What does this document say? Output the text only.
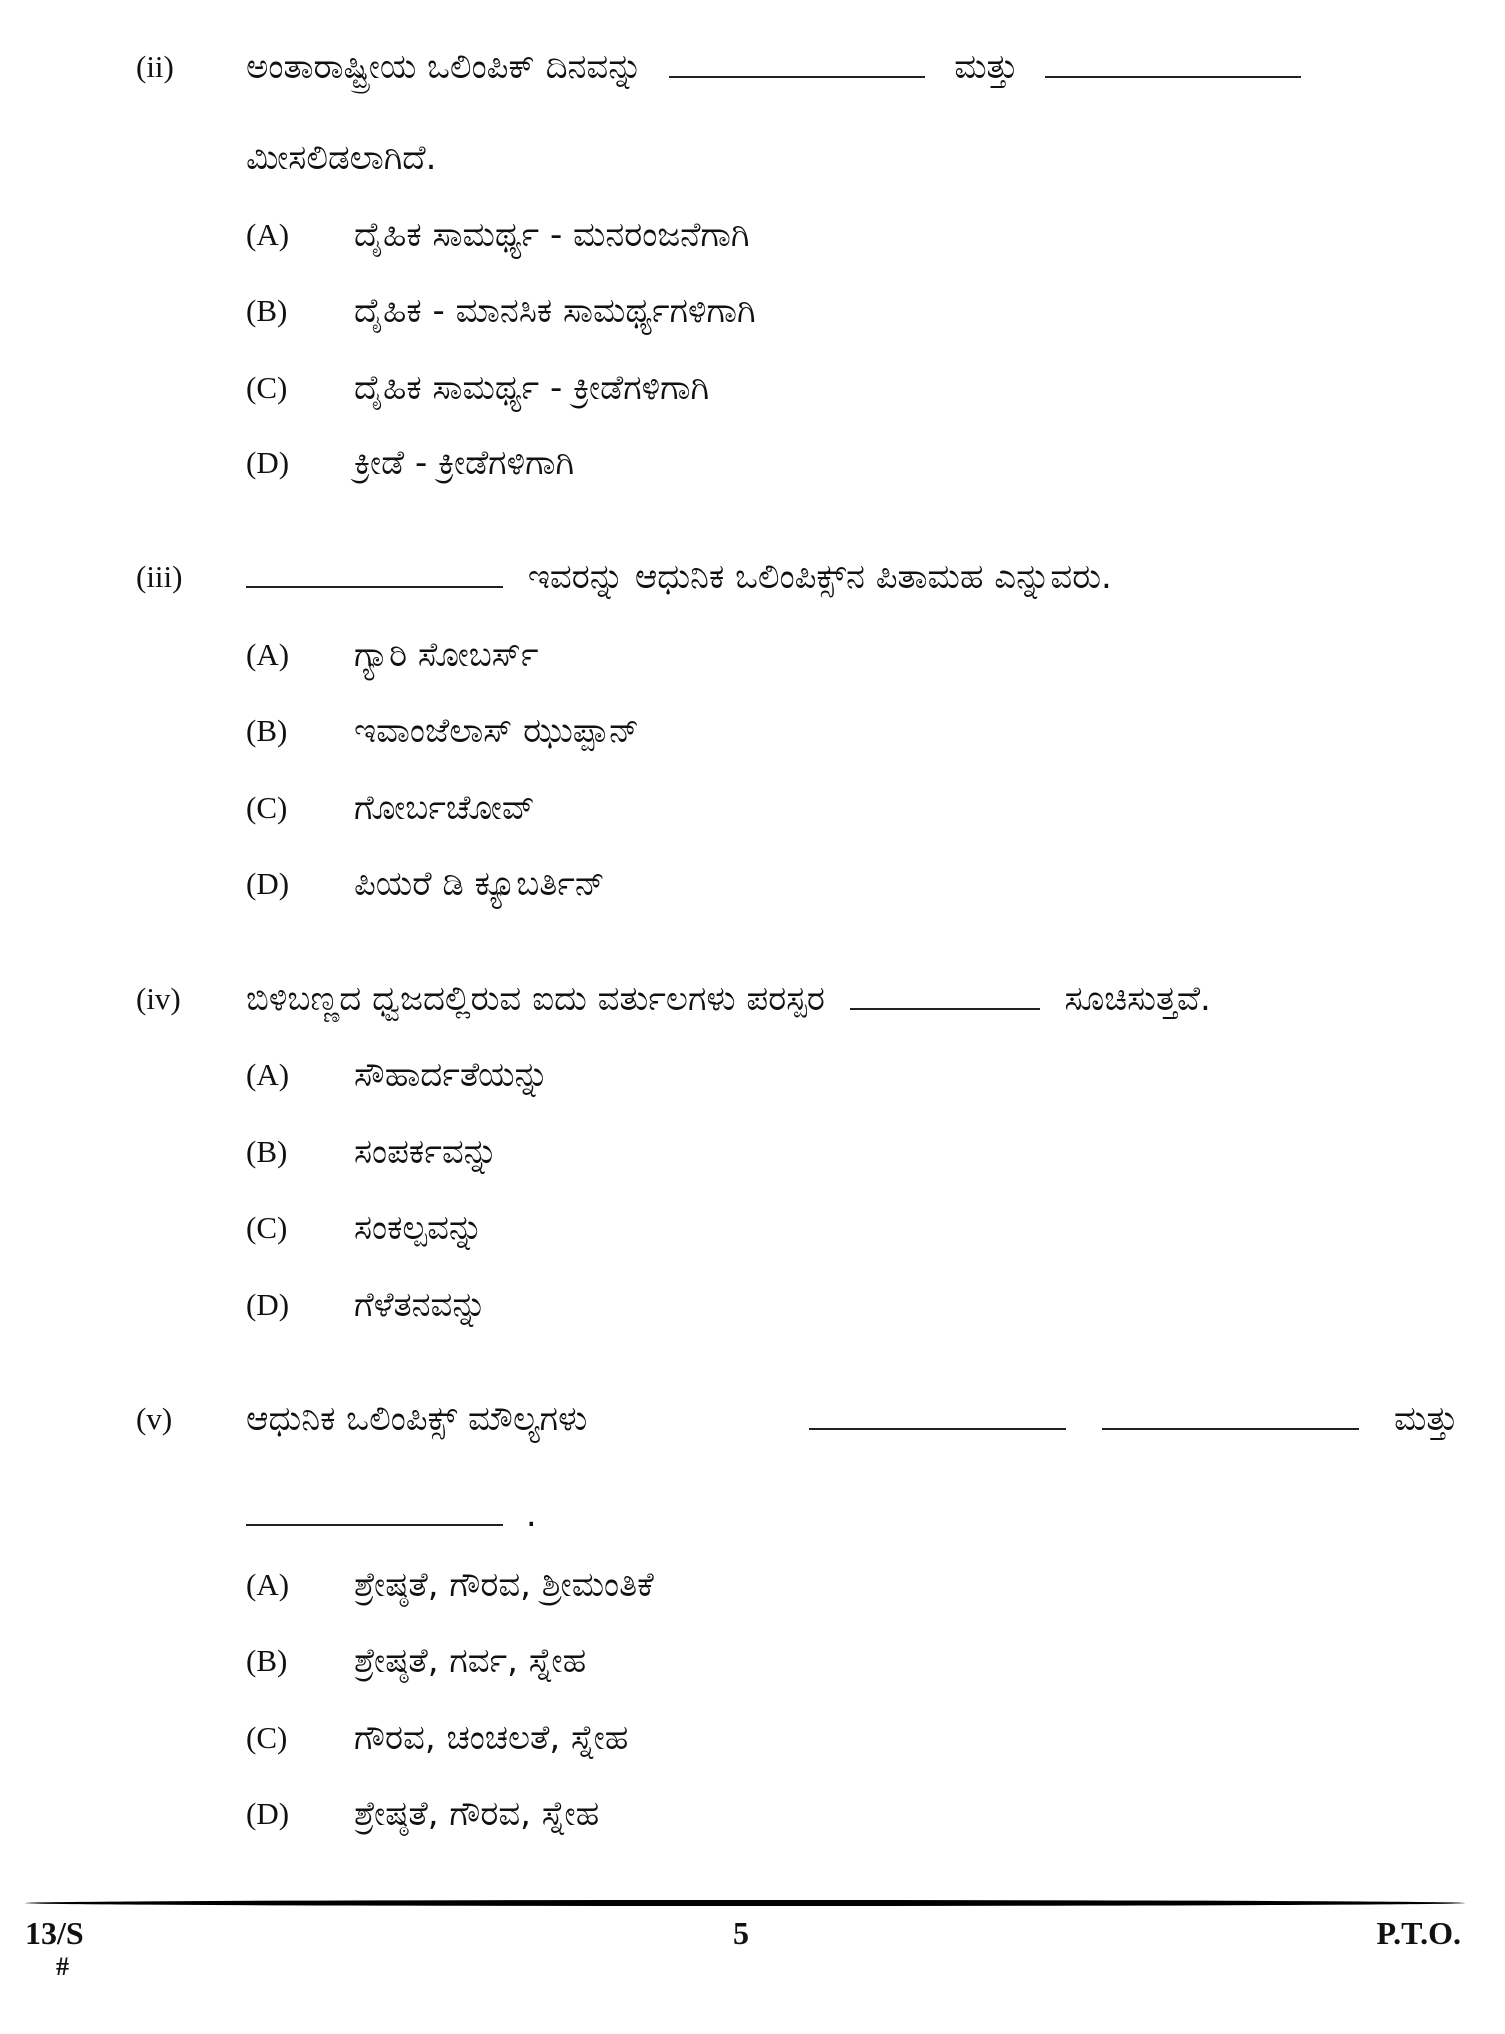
(ii) ಅಂತಾರಾಷ್ಟ್ರೀಯ ಒಲಿಂಪಿಕ್ ದಿನವನ್ನು	ಮತ್ತು
ಮೀಸಲಿಡಲಾಗಿದೆ.
(A) ದೈಹಿಕ ಸಾಮರ್ಥ್ಯ - ಮನರಂಜನೆಗಾಗಿ
(B) ದೈಹಿಕ - ಮಾನಸಿಕ ಸಾಮರ್ಥ್ಯಗಳಿಗಾಗಿ
(C) ದೈಹಿಕ ಸಾಮರ್ಥ್ಯ - ಕ್ರೀಡೆಗಳಿಗಾಗಿ
(D) ಕ್ರೀಡೆ - ಕ್ರೀಡೆಗಳಿಗಾಗಿ
(iii)	ಇವರನ್ನು ಆಧುನಿಕ ಒಲಿಂಪಿಕ್ಸ್‌ನ ಪಿತಾಮಹ ಎನ್ನುವರು.
(A) ಗ್ಯಾರಿ ಸೋಬರ್ಸ್
(B) ಇವಾಂಜೆಲಾಸ್ ಝುಪ್ಪಾನ್
(C) ಗೋರ್ಬಚೋವ್
(D) ಪಿಯರೆ ಡಿ ಕ್ಯೂಬರ್ತಿನ್
(iv) ಬಿಳಿಬಣ್ಣದ ಧ್ವಜದಲ್ಲಿರುವ ಐದು ವರ್ತುಲಗಳು ಪರಸ್ಪರ	ಸೂಚಿಸುತ್ತವೆ.
(A) ಸೌಹಾರ್ದತೆಯನ್ನು
(B) ಸಂಪರ್ಕವನ್ನು
(C) ಸಂಕಲ್ಪವನ್ನು
(D) ಗೆಳೆತನವನ್ನು
(v) ಆಧುನಿಕ ಒಲಿಂಪಿಕ್ಸ್ ಮೌಲ್ಯಗಳು	ಮತ್ತು
.
(A) ಶ್ರೇಷ್ಠತೆ, ಗೌರವ, ಶ್ರೀಮಂತಿಕೆ
(B) ಶ್ರೇಷ್ಠತೆ, ಗರ್ವ, ಸ್ನೇಹ
(C) ಗೌರವ, ಚಂಚಲತೆ, ಸ್ನೇಹ
(D) ಶ್ರೇಷ್ಠತೆ, ಗೌರವ, ಸ್ನೇಹ
13/S
#
5	P.T.O.
